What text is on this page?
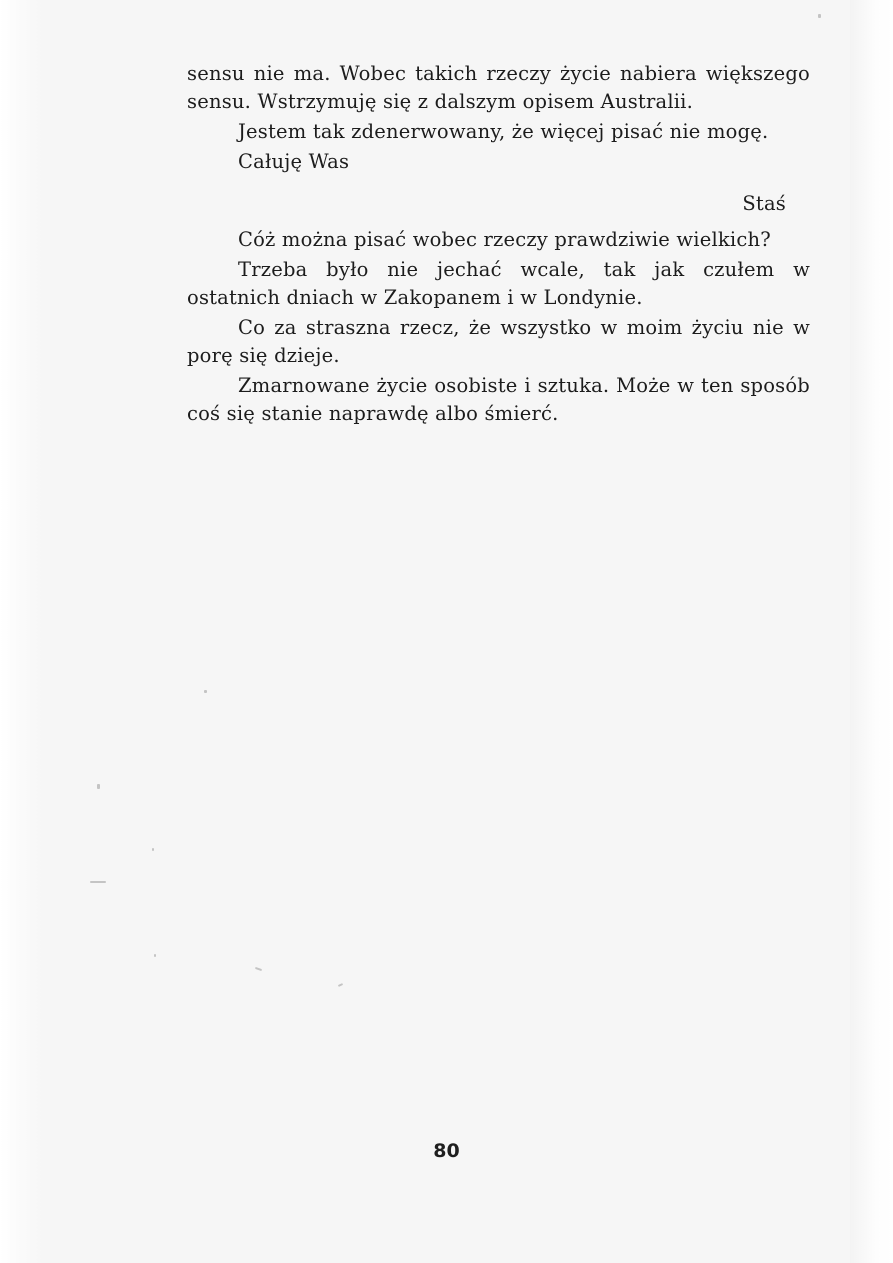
sensu nie ma. Wobec takich rzeczy życie nabiera większego sensu. Wstrzymuję się z dalszym opisem Australii.

Jestem tak zdenerwowany, że więcej pisać nie mogę.

Całuję Was

Staś

Cóż można pisać wobec rzeczy prawdziwie wielkich?

Trzeba było nie jechać wcale, tak jak czułem w ostatnich dniach w Zakopanem i w Londynie.

Co za straszna rzecz, że wszystko w moim życiu nie w porę się dzieje.

Zmarnowane życie osobiste i sztuka. Może w ten sposób coś się stanie naprawdę albo śmierć.

80
